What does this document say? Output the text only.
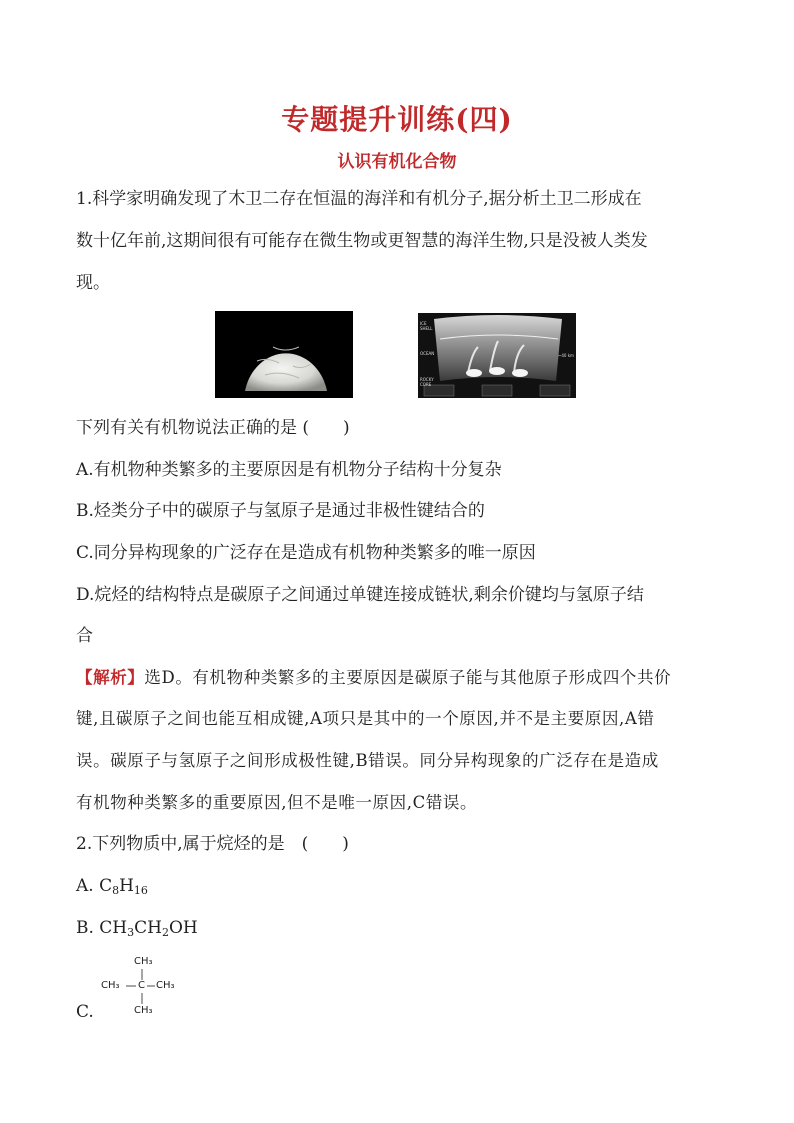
专题提升训练(四)
认识有机化合物
1.科学家明确发现了木卫二存在恒温的海洋和有机分子,据分析土卫二形成在
数十亿年前,这期间很有可能存在微生物或更智慧的海洋生物,只是没被人类发
现。
ICE
SHELL
OCEAN
ROCKY
CORE
~40 km
下列有关有机物说法正确的是 (　　)
A.有机物种类繁多的主要原因是有机物分子结构十分复杂
B.烃类分子中的碳原子与氢原子是通过非极性键结合的
C.同分异构现象的广泛存在是造成有机物种类繁多的唯一原因
D.烷烃的结构特点是碳原子之间通过单键连接成链状,剩余价键均与氢原子结
合
【解析】选D。有机物种类繁多的主要原因是碳原子能与其他原子形成四个共价
键,且碳原子之间也能互相成键,A项只是其中的一个原因,并不是主要原因,A错
误。碳原子与氢原子之间形成极性键,B错误。同分异构现象的广泛存在是造成
有机物种类繁多的重要原因,但不是唯一原因,C错误。
2.下列物质中,属于烷烃的是　(　　)
A. $C_8H_{16}$
B. $CH_3CH_2OH$
C.
CH₃
CH₃ C CH₃
CH₃
